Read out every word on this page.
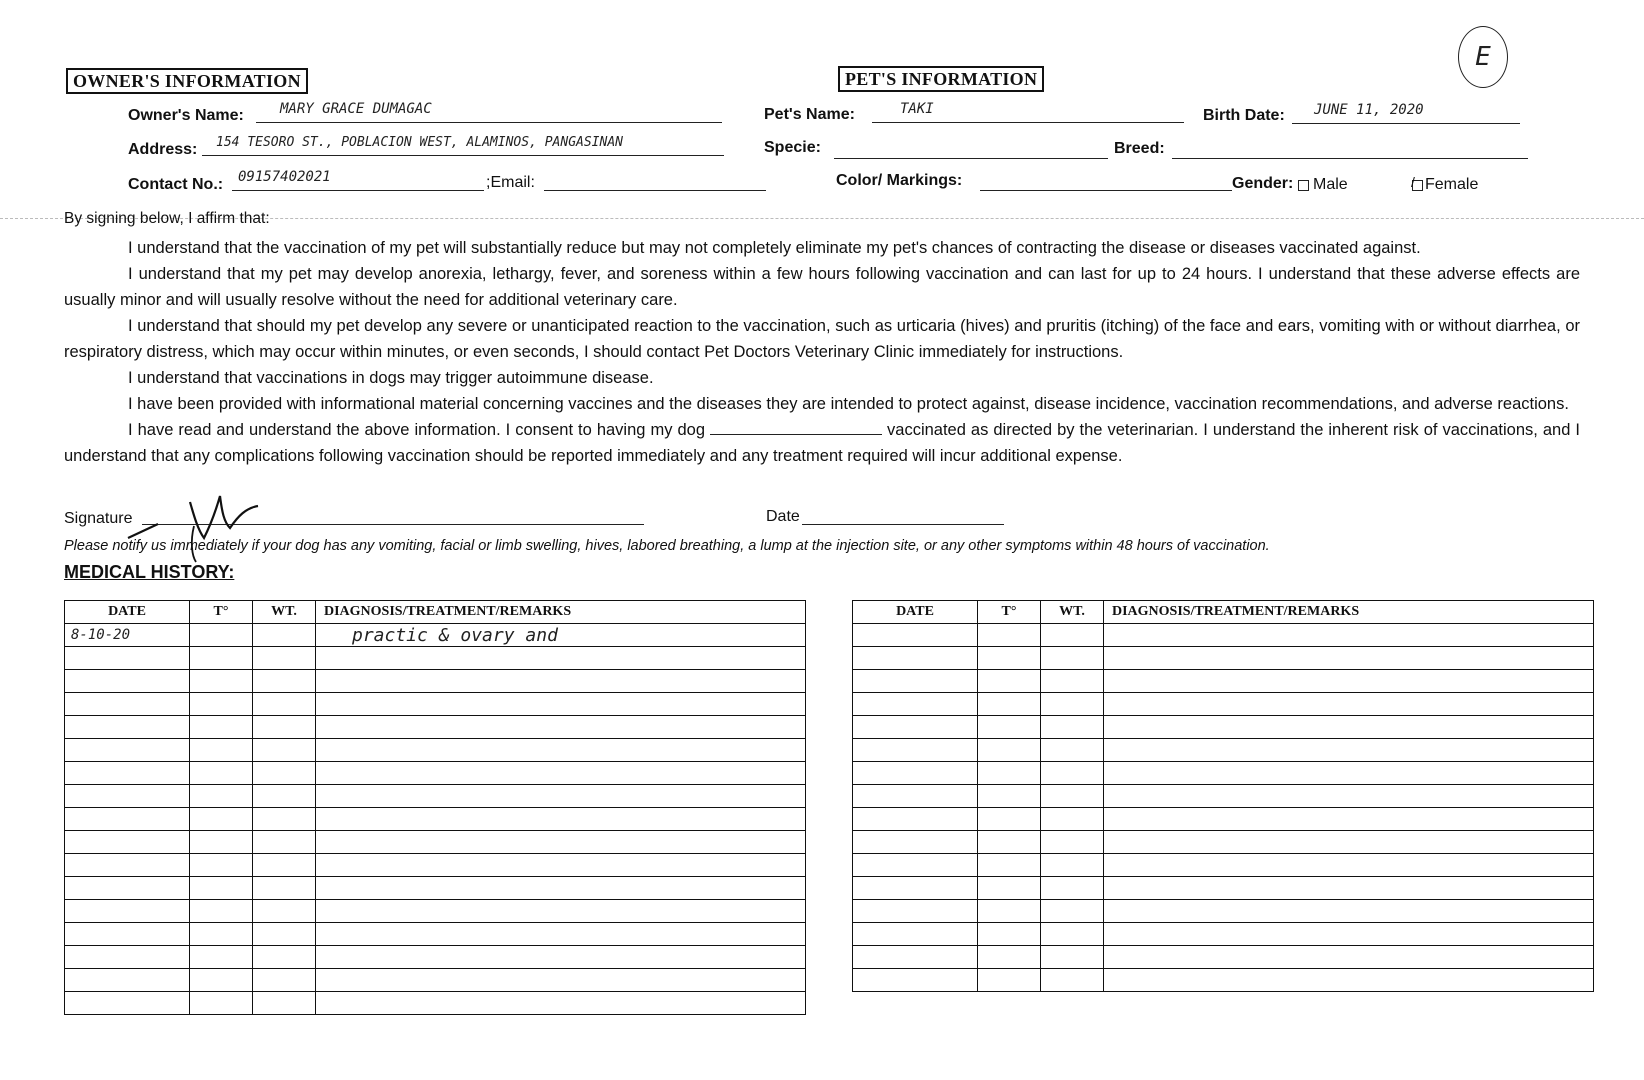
E
OWNER'S INFORMATION	PET'S INFORMATION
Owner's Name:	MARY GRACE DUMAGAC
Address:	154 TESORO ST., POBLACION WEST, ALAMINOS, PANGASINAN
Contact No.:	09157402021	;Email:
Pet's Name:	TAKI	Birth Date:	JUNE 11, 2020
Specie:	Breed:
Color/ Markings:	Gender: Male	/ Female
By signing below, I affirm that:
I understand that the vaccination of my pet will substantially reduce but may not completely eliminate my pet's chances of contracting the disease or diseases vaccinated against.
I understand that my pet may develop anorexia, lethargy, fever, and soreness within a few hours following vaccination and can last for up to 24 hours. I understand that these adverse effects are usually minor and will usually resolve without the need for additional veterinary care.
I understand that should my pet develop any severe or unanticipated reaction to the vaccination, such as urticaria (hives) and pruritis (itching) of the face and ears, vomiting with or without diarrhea, or respiratory distress, which may occur within minutes, or even seconds, I should contact Pet Doctors Veterinary Clinic immediately for instructions.
I understand that vaccinations in dogs may trigger autoimmune disease.
I have been provided with informational material concerning vaccines and the diseases they are intended to protect against, disease incidence, vaccination recommendations, and adverse reactions.
I have read and understand the above information. I consent to having my dog	vaccinated as directed by the veterinarian. I understand the inherent risk of vaccinations, and I understand that any complications following vaccination should be reported immediately and any treatment required will incur additional expense.
Signature	Date
Please notify us immediately if your dog has any vomiting, facial or limb swelling, hives, labored breathing, a lump at the injection site, or any other symptoms within 48 hours of vaccination.
MEDICAL HISTORY:
DATE	T°	WT.	DIAGNOSIS/TREATMENT/REMARKS
8-10-20			practic & ovary and

DATE	T°	WT.	DIAGNOSIS/TREATMENT/REMARKS
